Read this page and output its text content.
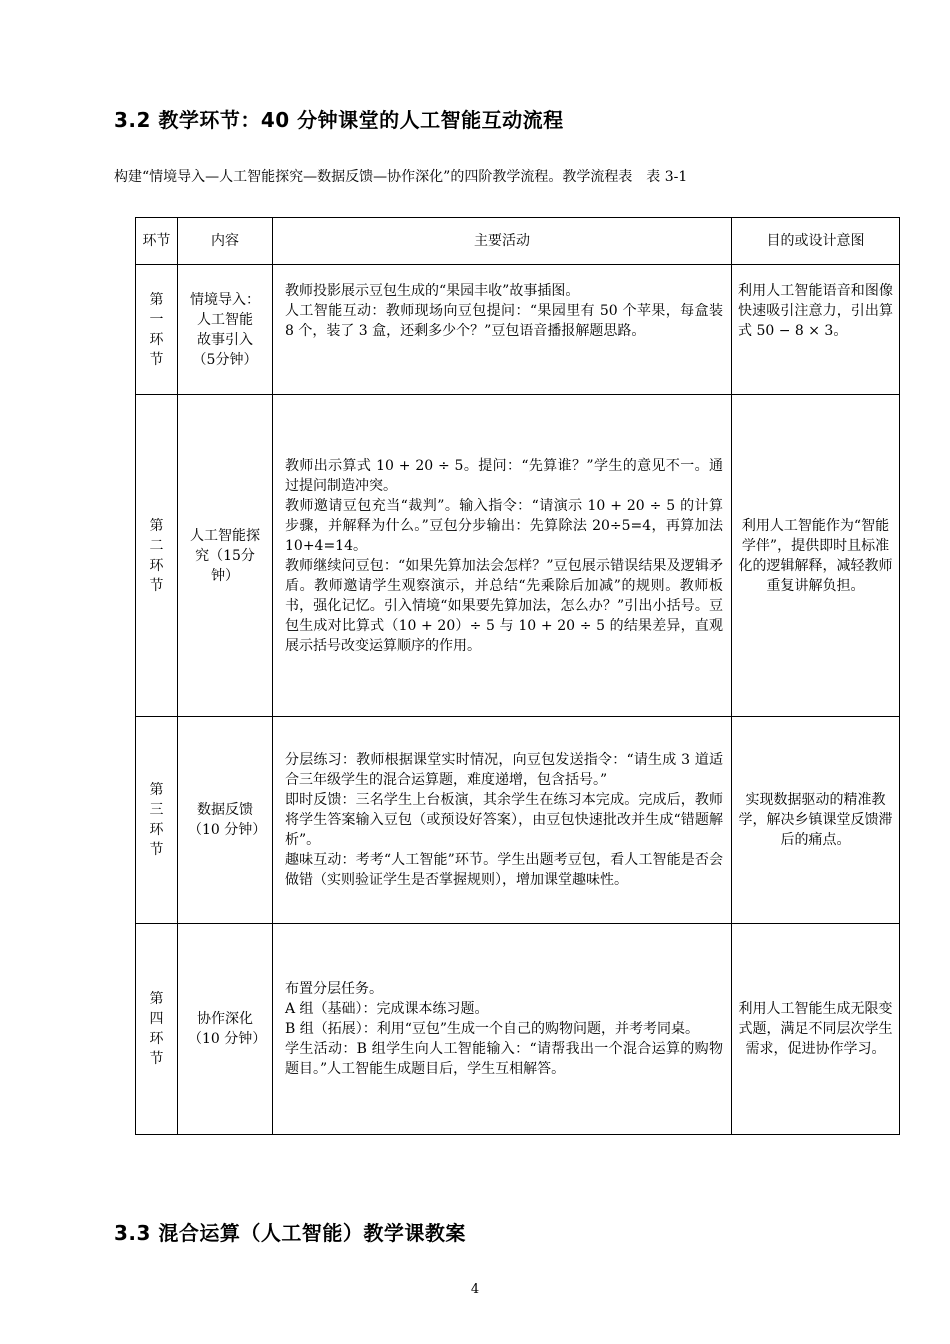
3.2 教学环节：40 分钟课堂的人工智能互动流程
构建“情境导入—人工智能探究—数据反馈—协作深化”的四阶教学流程。教学流程表　表 3-1
环节	内容	主要活动	目的或设计意图
第一环节	情境导入：人工智能 故事引入（5分钟）	教师投影展示豆包生成的“果园丰收”故事插图。

人工智能互动：教师现场向豆包提问：“果园里有 50 个苹果，每盒装 8 个，装了 3 盒，还剩多少个？”豆包语音播报解题思路。	利用人工智能语音和图像快速吸引注意力，引出算式 50 − 8 × 3。
第二环节	人工智能探究（15分钟）	教师出示算式 10 + 20 ÷ 5。提问：“先算谁？”学生的意见不一。通过提问制造冲突。

教师邀请豆包充当“裁判”。输入指令：“请演示 10 + 20 ÷ 5 的计算步骤，并解释为什么。”豆包分步输出：先算除法 20÷5=4，再算加法 10+4=14。

教师继续问豆包：“如果先算加法会怎样？”豆包展示错误结果及逻辑矛盾。教师邀请学生观察演示，并总结“先乘除后加减”的规则。教师板书，强化记忆。引入情境“如果要先算加法，怎么办？”引出小括号。豆包生成对比算式（10 + 20）÷ 5 与 10 + 20 ÷ 5 的结果差异，直观展示括号改变运算顺序的作用。	利用人工智能作为“智能学伴”，提供即时且标准化的逻辑解释，减轻教师重复讲解负担。
第三环节	数据反馈（10 分钟）	分层练习：教师根据课堂实时情况，向豆包发送指令：“请生成 3 道适合三年级学生的混合运算题，难度递增，包含括号。”

即时反馈：三名学生上台板演，其余学生在练习本完成。完成后，教师将学生答案输入豆包（或预设好答案），由豆包快速批改并生成“错题解析”。

趣味互动：考考“人工智能”环节。学生出题考豆包，看人工智能是否会做错（实则验证学生是否掌握规则），增加课堂趣味性。	实现数据驱动的精准教学，解决乡镇课堂反馈滞后的痛点。
第四环节	协作深化（10 分钟）	布置分层任务。

A 组（基础）：完成课本练习题。

B 组（拓展）：利用“豆包”生成一个自己的购物问题，并考考同桌。

学生活动：B 组学生向人工智能输入：“请帮我出一个混合运算的购物题目。”人工智能生成题目后，学生互相解答。	利用人工智能生成无限变式题，满足不同层次学生需求，促进协作学习。
3.3 混合运算（人工智能）教学课教案
4
